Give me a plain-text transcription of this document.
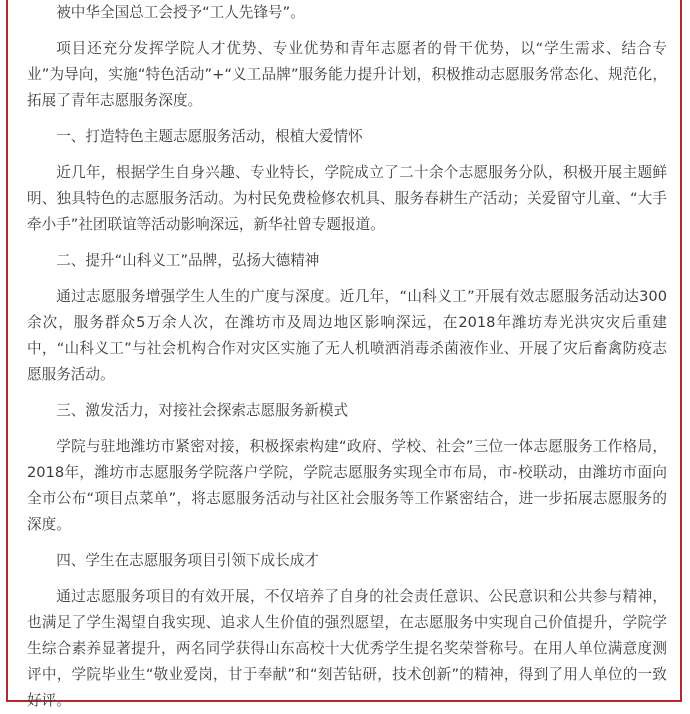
被中华全国总工会授予“工人先锋号”。

项目还充分发挥学院人才优势、专业优势和青年志愿者的骨干优势，以“学生需求、结合专业”为导向，实施“特色活动”+“义工品牌”服务能力提升计划，积极推动志愿服务常态化、规范化，拓展了青年志愿服务深度。

一、打造特色主题志愿服务活动，根植大爱情怀

近几年，根据学生自身兴趣、专业特长，学院成立了二十余个志愿服务分队，积极开展主题鲜明、独具特色的志愿服务活动。为村民免费检修农机具、服务春耕生产活动；关爱留守儿童、“大手牵小手”社团联谊等活动影响深远，新华社曾专题报道。

二、提升“山科义工”品牌，弘扬大德精神

通过志愿服务增强学生人生的广度与深度。近几年，“山科义工”开展有效志愿服务活动达300余次，服务群众5万余人次，在潍坊市及周边地区影响深远，在2018年潍坊寿光洪灾灾后重建中，“山科义工”与社会机构合作对灾区实施了无人机喷洒消毒杀菌液作业、开展了灾后畜禽防疫志愿服务活动。

三、激发活力，对接社会探索志愿服务新模式

学院与驻地潍坊市紧密对接，积极探索构建“政府、学校、社会”三位一体志愿服务工作格局，2018年，潍坊市志愿服务学院落户学院，学院志愿服务实现全市布局，市-校联动，由潍坊市面向全市公布“项目点菜单”，将志愿服务活动与社区社会服务等工作紧密结合，进一步拓展志愿服务的深度。

四、学生在志愿服务项目引领下成长成才

通过志愿服务项目的有效开展，不仅培养了自身的社会责任意识、公民意识和公共参与精神，也满足了学生渴望自我实现、追求人生价值的强烈愿望，在志愿服务中实现自己价值提升，学院学生综合素养显著提升，两名同学获得山东高校十大优秀学生提名奖荣誉称号。在用人单位满意度测评中，学院毕业生“敬业爱岗，甘于奉献”和“刻苦钻研，技术创新”的精神，得到了用人单位的一致好评。
